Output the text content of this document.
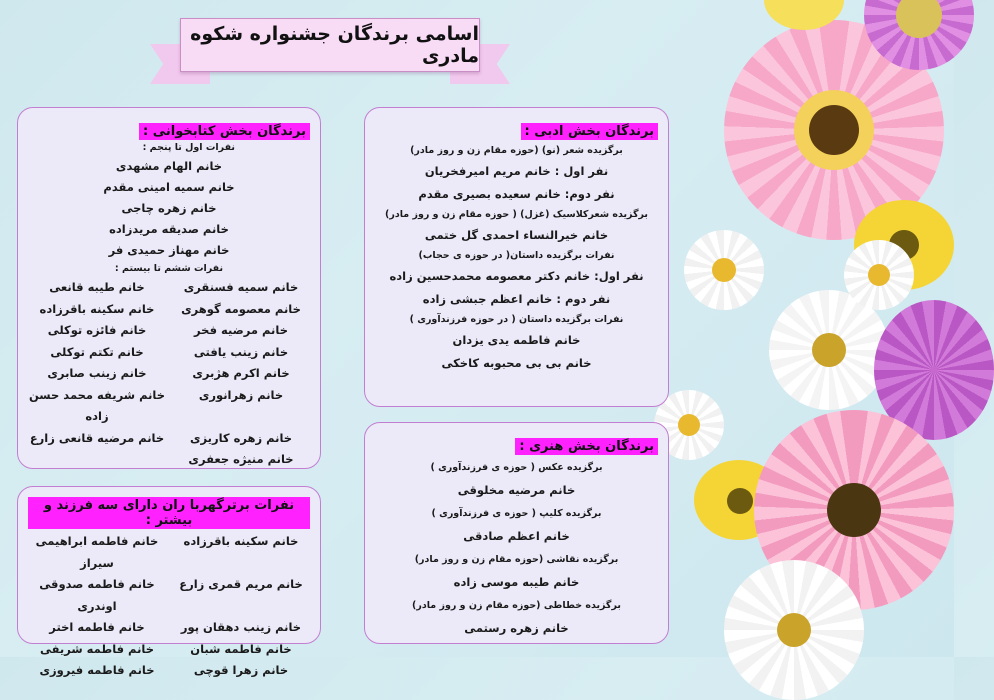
اسامی برندگان جشنواره شکوه مادری
برندگان بخش ادبی :
برگزیده شعر (نو) (حوزه مقام زن و روز مادر)
نفر اول : خانم مریم امیرفخریان
نفر دوم: خانم سعیده بصیری مقدم
برگزیده شعرکلاسیک (غزل) ( حوزه مقام زن و روز مادر)
خانم خیرالنساء احمدی گل ختمی
نفرات برگزیده داستان( در حوزه ی حجاب)
نفر اول: خانم دکتر معصومه محمدحسین زاده
نفر دوم : خانم اعظم جبشی زاده
نفرات برگزیده داستان ( در حوزه فرزندآوری )
خانم فاطمه یدی یزدان
خانم بی بی محبوبه کاخکی
برندگان بخش کتابخوانی :
نفرات اول تا پنجم :
خانم الهام مشهدی
خانم سمیه امینی مقدم
خانم زهره چاجی
خانم صدیقه مریدزاده
خانم مهناز حمیدی فر
نفرات ششم تا بیستم :
خانم سمیه فسنقری
خانم طیبه قانعی
خانم معصومه گوهری
خانم سکینه باقرزاده
خانم مرضیه فخر
خانم فائزه توکلی
خانم زینب یافتی
خانم تکتم توکلی
خانم اکرم هژبری
خانم زینب صابری
خانم زهرانوری
خانم شریفه محمد حسن زاده
خانم زهره کاریزی
خانم مرضیه قانعی زارع
خانم منیژه جعفری
نفرات برترگهربا ران دارای سه فرزند و بیشتر :
خانم سکینه باقرزاده
خانم فاطمه ابراهیمی سیراز
خانم مریم قمری زارع
خانم فاطمه صدوقی اوندری
خانم زینب دهقان پور
خانم فاطمه اختر
خانم فاطمه شبان
خانم فاطمه شریفی
خانم زهرا قوچی
خانم فاطمه فیروزی
برندگان بخش هنری :
برگزیده عکس ( حوزه ی فرزندآوری )
خانم مرضیه مخلوقی
برگزیده کلیپ ( حوزه ی فرزندآوری )
خانم اعظم صادقی
برگزیده نقاشی (حوزه مقام زن و روز مادر)
خانم طیبه موسی زاده
برگزیده خطاطی (حوزه مقام زن و روز مادر)
خانم زهره رستمی
